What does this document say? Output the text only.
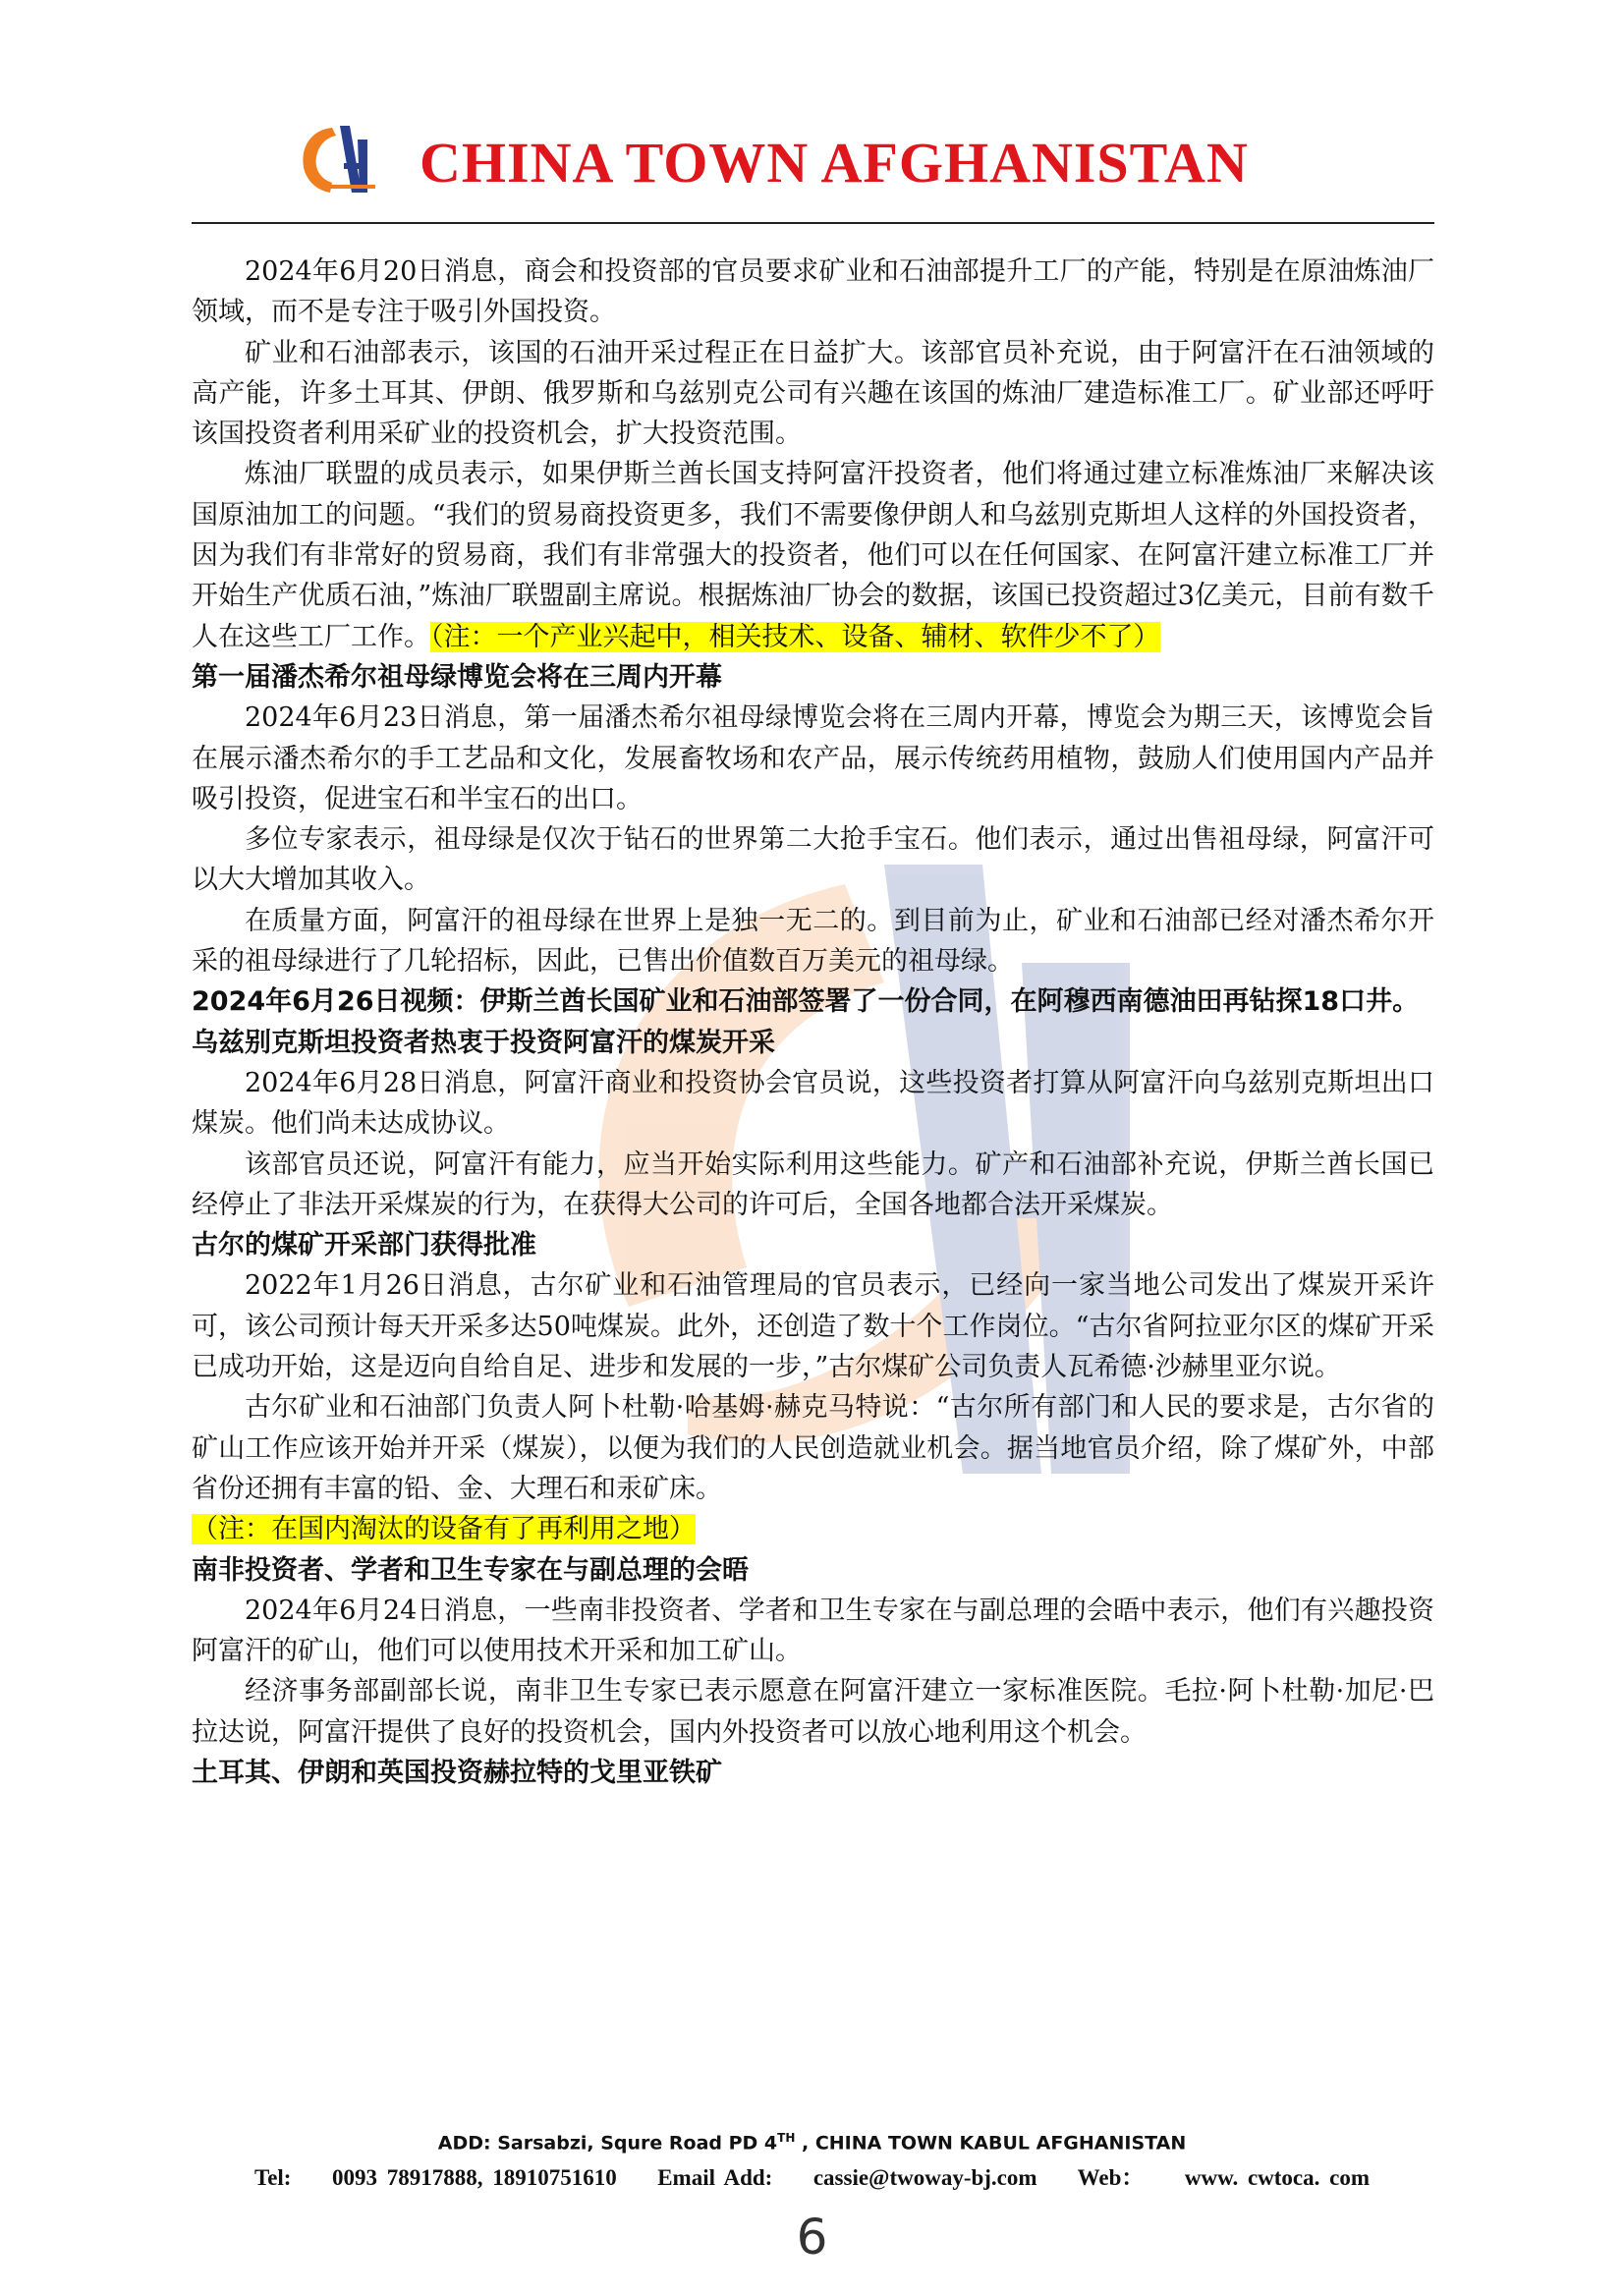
CHINA TOWN AFGHANISTAN

2024年6月20日消息，商会和投资部的官员要求矿业和石油部提升工厂的产能，特别是在原油炼油厂领域，而不是专注于吸引外国投资。

矿业和石油部表示，该国的石油开采过程正在日益扩大。该部官员补充说，由于阿富汗在石油领域的高产能，许多土耳其、伊朗、俄罗斯和乌兹别克公司有兴趣在该国的炼油厂建造标准工厂。矿业部还呼吁该国投资者利用采矿业的投资机会，扩大投资范围。

炼油厂联盟的成员表示，如果伊斯兰酋长国支持阿富汗投资者，他们将通过建立标准炼油厂来解决该国原油加工的问题。“我们的贸易商投资更多，我们不需要像伊朗人和乌兹别克斯坦人这样的外国投资者，因为我们有非常好的贸易商，我们有非常强大的投资者，他们可以在任何国家、在阿富汗建立标准工厂并开始生产优质石油，”炼油厂联盟副主席说。根据炼油厂协会的数据，该国已投资超过3亿美元，目前有数千人在这些工厂工作。（注：一个产业兴起中，相关技术、设备、辅材、软件少不了）

第一届潘杰希尔祖母绿博览会将在三周内开幕

2024年6月23日消息，第一届潘杰希尔祖母绿博览会将在三周内开幕，博览会为期三天，该博览会旨在展示潘杰希尔的手工艺品和文化，发展畜牧场和农产品，展示传统药用植物，鼓励人们使用国内产品并吸引投资，促进宝石和半宝石的出口。

多位专家表示，祖母绿是仅次于钻石的世界第二大抢手宝石。他们表示，通过出售祖母绿，阿富汗可以大大增加其收入。

在质量方面，阿富汗的祖母绿在世界上是独一无二的。到目前为止，矿业和石油部已经对潘杰希尔开采的祖母绿进行了几轮招标，因此，已售出价值数百万美元的祖母绿。

2024年6月26日视频：伊斯兰酋长国矿业和石油部签署了一份合同，在阿穆西南德油田再钻探18口井。
乌兹别克斯坦投资者热衷于投资阿富汗的煤炭开采

2024年6月28日消息，阿富汗商业和投资协会官员说，这些投资者打算从阿富汗向乌兹别克斯坦出口煤炭。他们尚未达成协议。

该部官员还说，阿富汗有能力，应当开始实际利用这些能力。矿产和石油部补充说，伊斯兰酋长国已经停止了非法开采煤炭的行为，在获得大公司的许可后，全国各地都合法开采煤炭。

古尔的煤矿开采部门获得批准

2022年1月26日消息，古尔矿业和石油管理局的官员表示，已经向一家当地公司发出了煤炭开采许可，该公司预计每天开采多达50吨煤炭。此外，还创造了数十个工作岗位。“古尔省阿拉亚尔区的煤矿开采已成功开始，这是迈向自给自足、进步和发展的一步，”古尔煤矿公司负责人瓦希德·沙赫里亚尔说。

古尔矿业和石油部门负责人阿卜杜勒·哈基姆·赫克马特说：“古尔所有部门和人民的要求是，古尔省的矿山工作应该开始并开采（煤炭），以便为我们的人民创造就业机会。据当地官员介绍，除了煤矿外，中部省份还拥有丰富的铅、金、大理石和汞矿床。

（注：在国内淘汰的设备有了再利用之地）

南非投资者、学者和卫生专家在与副总理的会晤

2024年6月24日消息，一些南非投资者、学者和卫生专家在与副总理的会晤中表示，他们有兴趣投资阿富汗的矿山，他们可以使用技术开采和加工矿山。

经济事务部副部长说，南非卫生专家已表示愿意在阿富汗建立一家标准医院。毛拉·阿卜杜勒·加尼·巴拉达说，阿富汗提供了良好的投资机会，国内外投资者可以放心地利用这个机会。

土耳其、伊朗和英国投资赫拉特的戈里亚铁矿
ADD: Sarsabzi, Squre Road PD 4TH , CHINA TOWN KABUL AFGHANISTAN
Tel: 0093 78917888, 18910751610 Email Add: cassie@twoway-bj.com Web： www. cwtoca. com
6
